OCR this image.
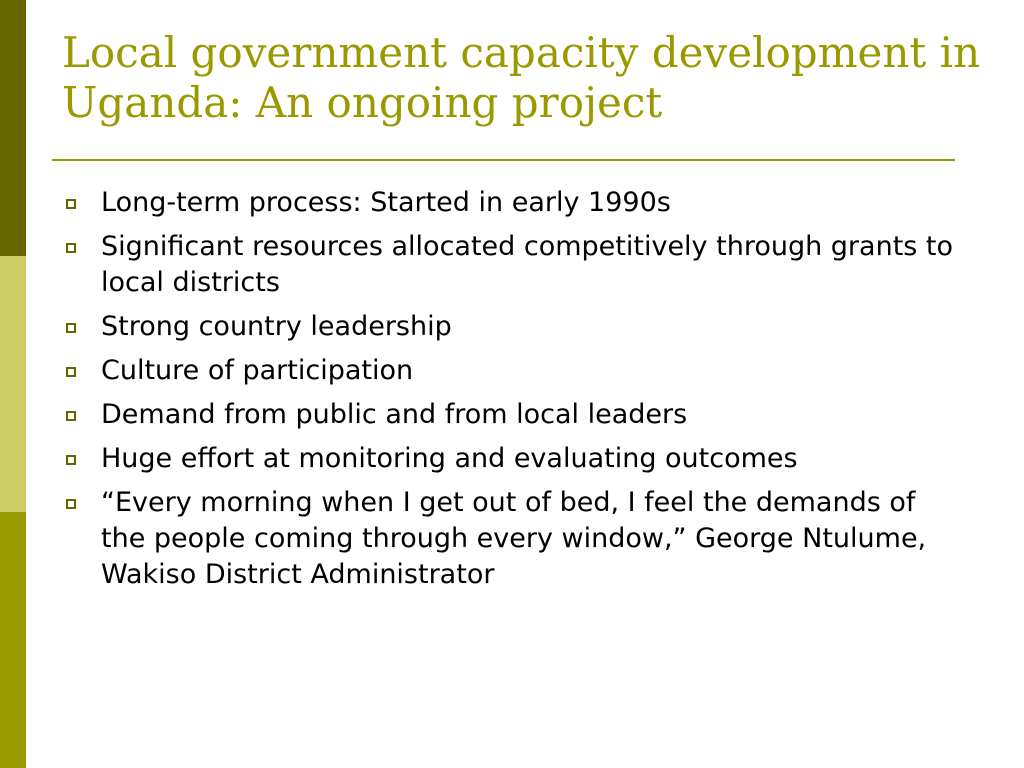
Local government capacity development in Uganda: An ongoing project
Long-term process: Started in early 1990s
Significant resources allocated competitively through grants to local districts
Strong country leadership
Culture of participation
Demand from public and from local leaders
Huge effort at monitoring and evaluating outcomes
“Every morning when I get out of bed, I feel the demands of the people coming through every window,” George Ntulume, Wakiso District Administrator
